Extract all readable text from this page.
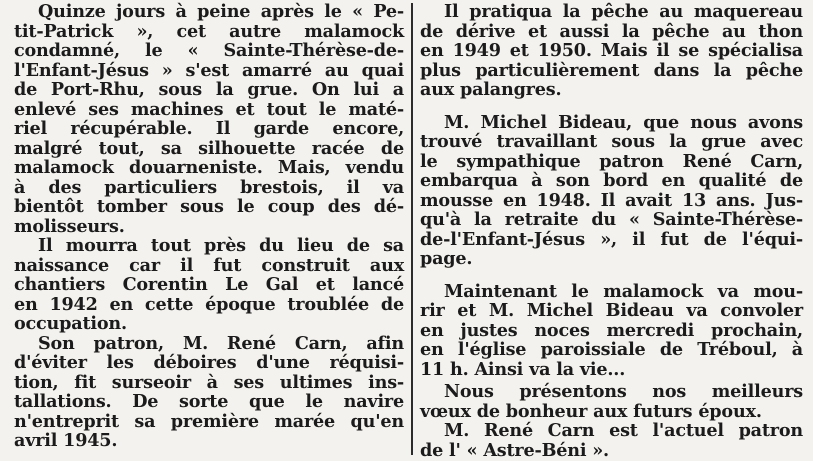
Quinze jours à peine après le « Pe-
tit-Patrick », cet autre malamock
condamné, le « Sainte-Thérèse-de-
l'Enfant-Jésus » s'est amarré au quai
de Port-Rhu, sous la grue. On lui a
enlevé ses machines et tout le maté-
riel récupérable. Il garde encore,
malgré tout, sa silhouette racée de
malamock douarneniste. Mais, vendu
à des particuliers brestois, il va
bientôt tomber sous le coup des dé-
molisseurs.
Il mourra tout près du lieu de sa
naissance car il fut construit aux
chantiers Corentin Le Gal et lancé
en 1942 en cette époque troublée de
occupation.
Son patron, M. René Carn, afin
d'éviter les déboires d'une réquisi-
tion, fit surseoir à ses ultimes ins-
tallations. De sorte que le navire
n'entreprit sa première marée qu'en
avril 1945.
Il pratiqua la pêche au maquereau
de dérive et aussi la pêche au thon
en 1949 et 1950. Mais il se spécialisa
plus particulièrement dans la pêche
aux palangres.
M. Michel Bideau, que nous avons
trouvé travaillant sous la grue avec
le sympathique patron René Carn,
embarqua à son bord en qualité de
mousse en 1948. Il avait 13 ans. Jus-
qu'à la retraite du « Sainte-Thérèse-
de-l'Enfant-Jésus », il fut de l'équi-
page.
Maintenant le malamock va mou-
rir et M. Michel Bideau va convoler
en justes noces mercredi prochain,
en l'église paroissiale de Tréboul, à
11 h. Ainsi va la vie...
Nous présentons nos meilleurs
vœux de bonheur aux futurs époux.
M. René Carn est l'actuel patron
de l' « Astre-Béni ».
